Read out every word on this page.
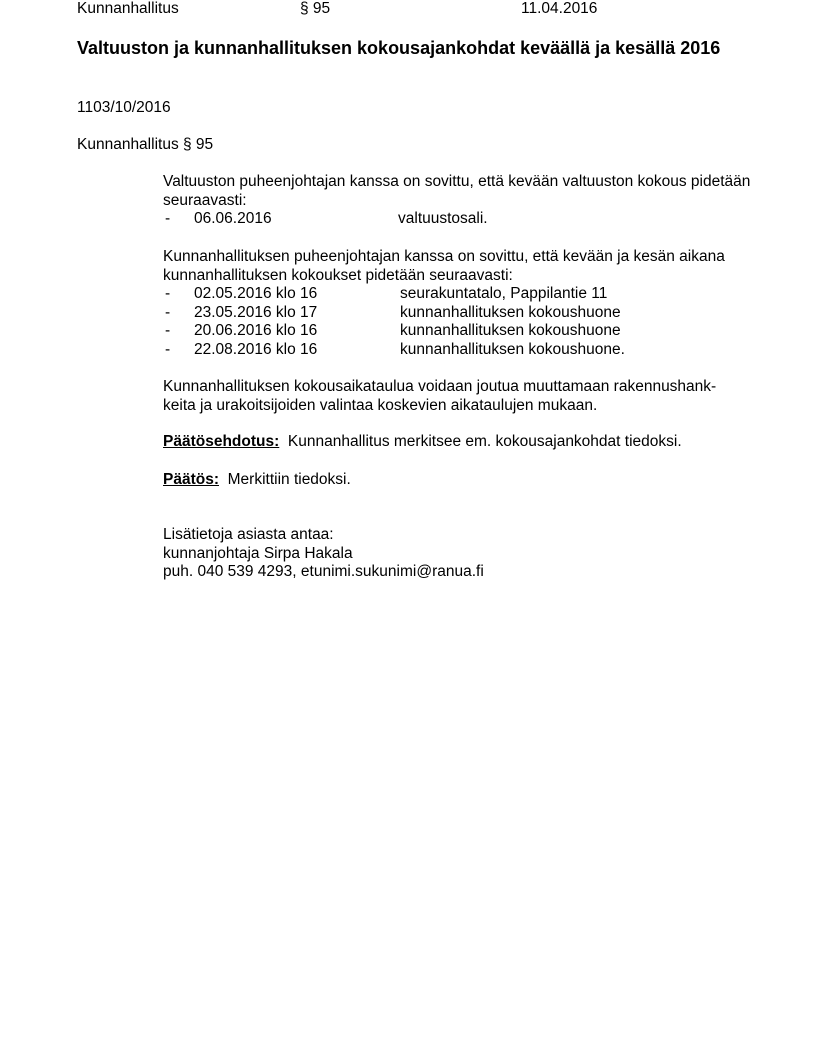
Kunnanhallitus	§ 95	11.04.2016
Valtuuston ja kunnanhallituksen kokousajankohdat keväällä ja kesällä 2016
1103/10/2016
Kunnanhallitus § 95
Valtuuston puheenjohtajan kanssa on sovittu, että kevään valtuuston kokous pidetään seuraavasti:
- 06.06.2016	valtuustosali.
Kunnanhallituksen puheenjohtajan kanssa on sovittu, että kevään ja kesän aikana kunnanhallituksen kokoukset pidetään seuraavasti:
- 02.05.2016 klo 16	seurakuntatalo, Pappilantie 11
- 23.05.2016 klo 17	kunnanhallituksen kokoushuone
- 20.06.2016 klo 16	kunnanhallituksen kokoushuone
- 22.08.2016 klo 16	kunnanhallituksen kokoushuone.
Kunnanhallituksen kokousaikataulua voidaan joutua muuttamaan rakennushank-
keita ja urakoitsijoiden valintaa koskevien aikataulujen mukaan.
Päätösehdotus: Kunnanhallitus merkitsee em. kokousajankohdat tiedoksi.
Päätös: Merkittiin tiedoksi.
Lisätietoja asiasta antaa:
kunnanjohtaja Sirpa Hakala
puh. 040 539 4293, etunimi.sukunimi@ranua.fi
